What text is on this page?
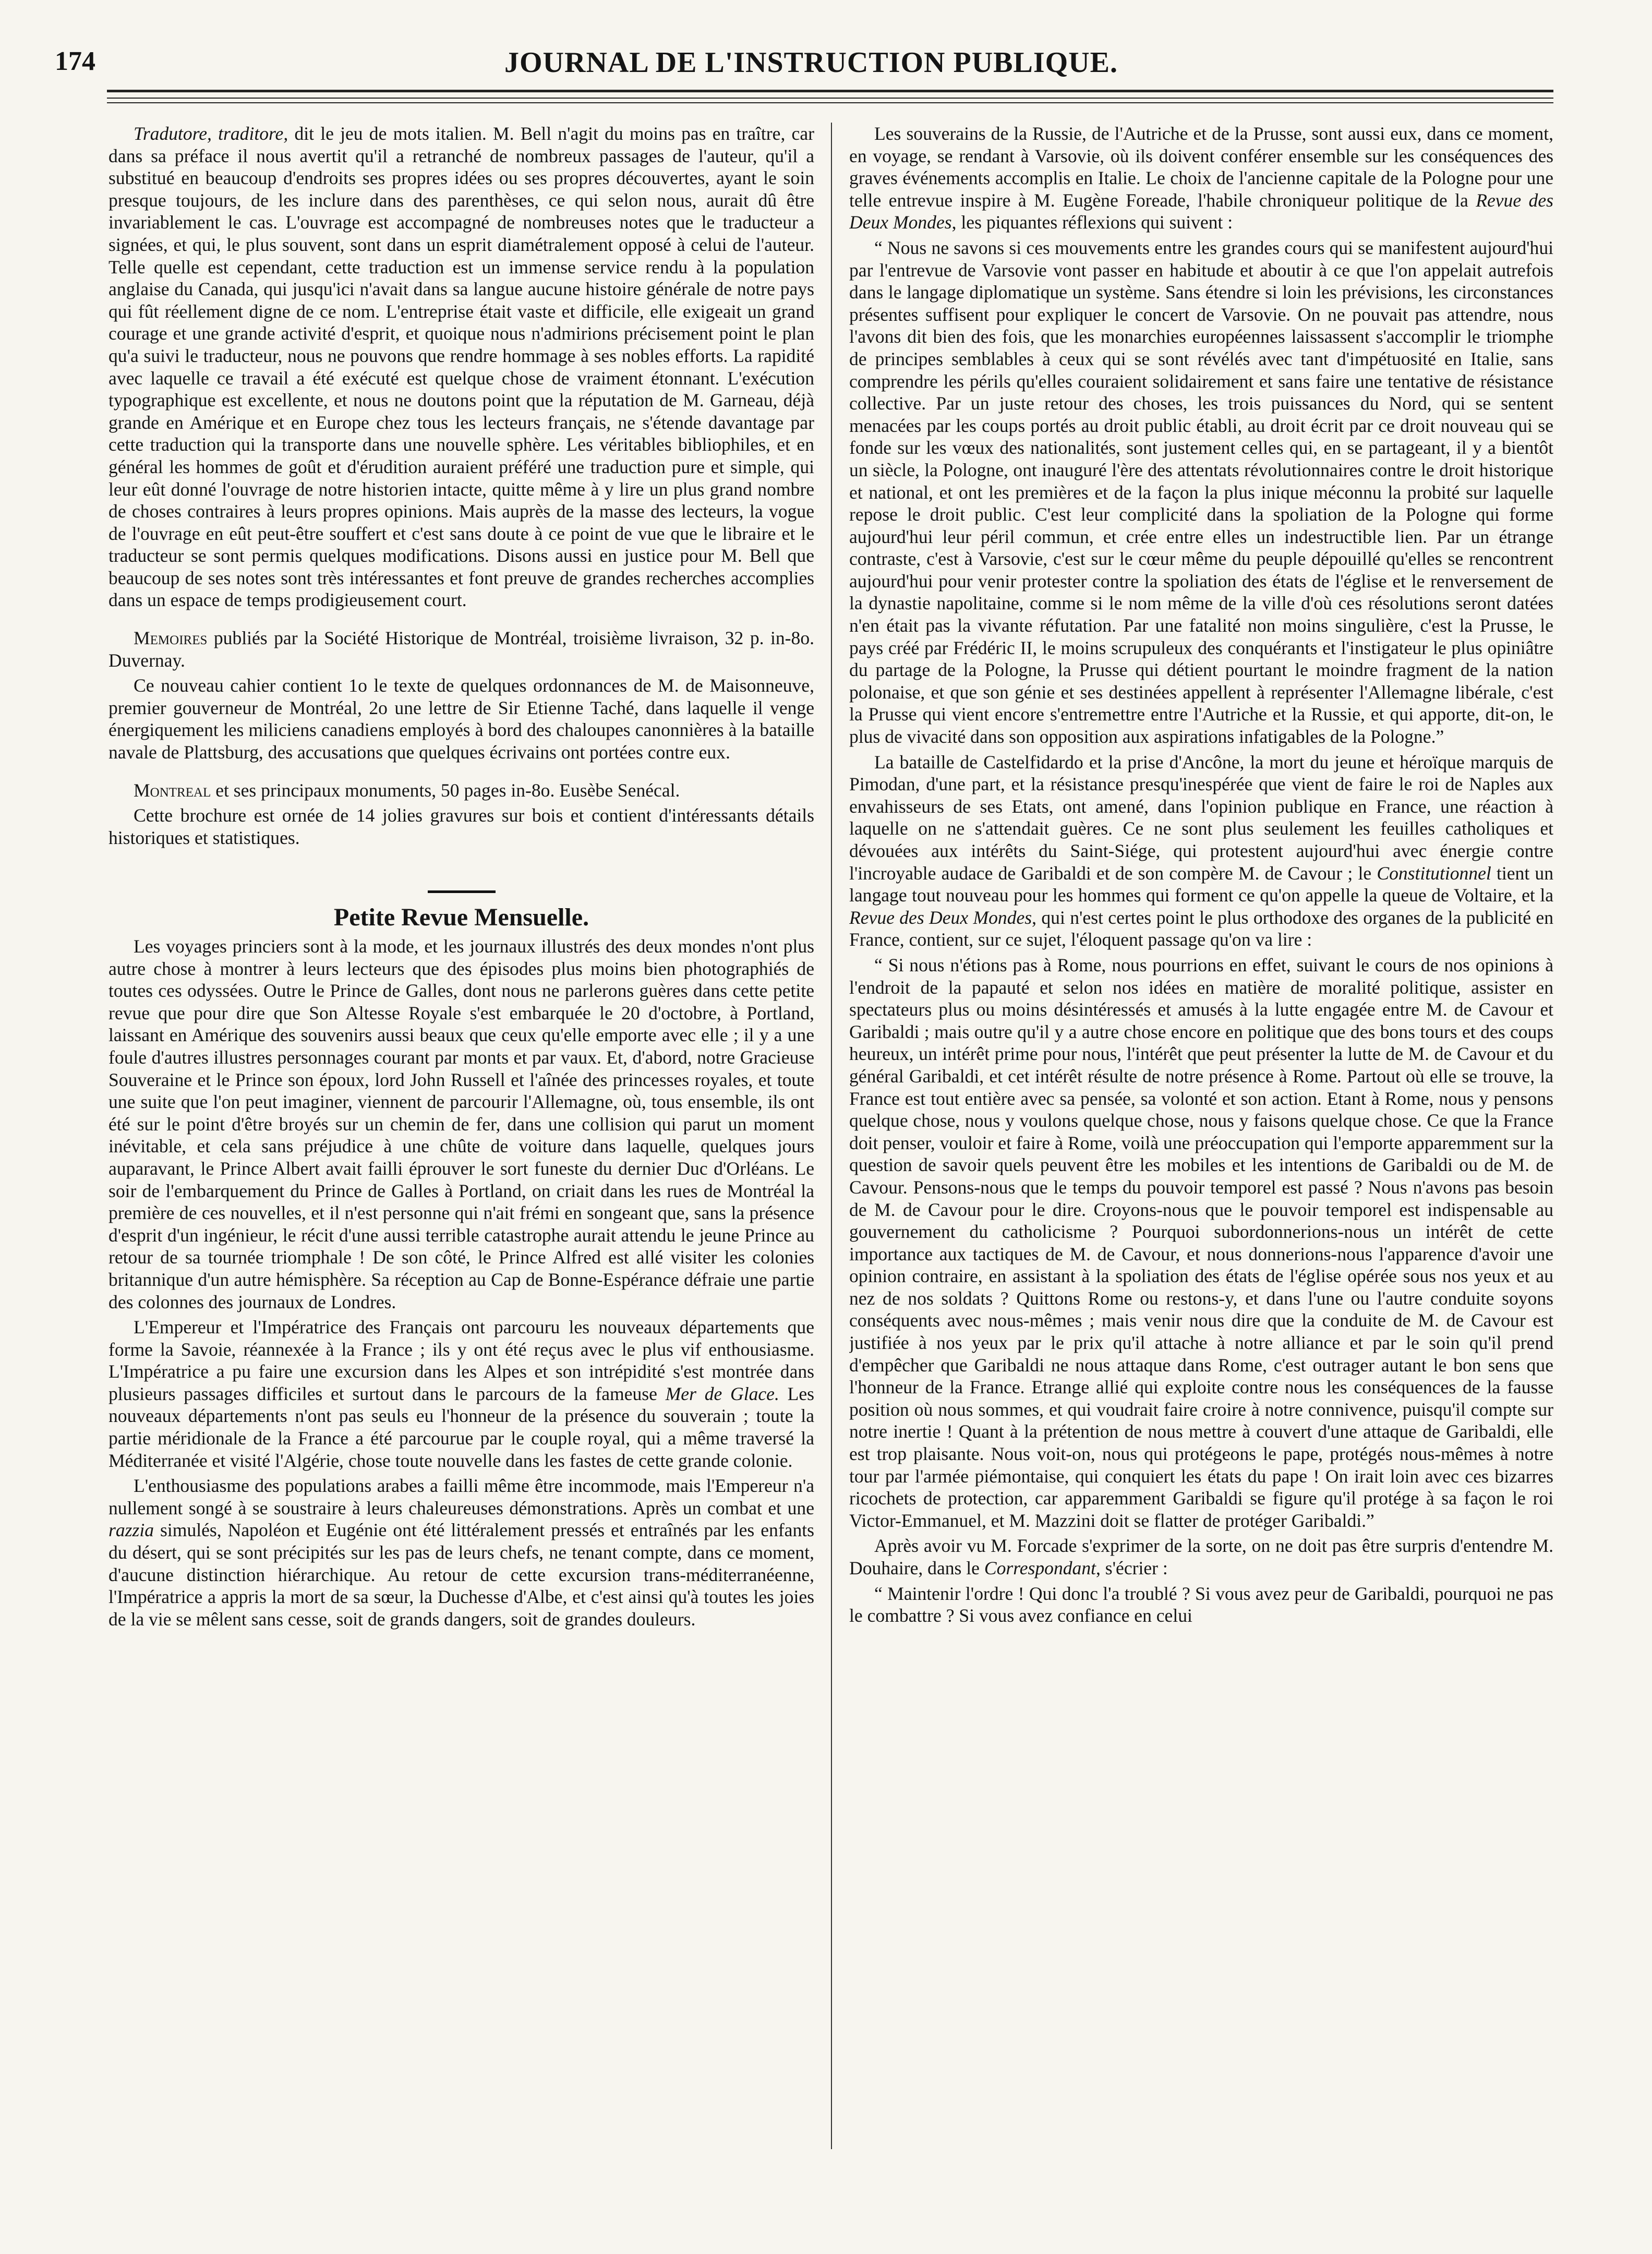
174	JOURNAL DE L'INSTRUCTION PUBLIQUE.

Tradutore, traditore, dit le jeu de mots italien. M. Bell n'agit du moins pas en traître, car dans sa préface il nous avertit qu'il a retranché de nombreux passages de l'auteur, qu'il a substitué en beaucoup d'endroits ses propres idées ou ses propres découvertes, ayant le soin presque toujours, de les inclure dans des parenthèses, ce qui selon nous, aurait dû être invariablement le cas. L'ouvrage est accompagné de nombreuses notes que le traducteur a signées, et qui, le plus souvent, sont dans un esprit diamétralement opposé à celui de l'auteur. Telle quelle est cependant, cette traduction est un immense service rendu à la population anglaise du Canada, qui jusqu'ici n'avait dans sa langue aucune histoire générale de notre pays qui fût réellement digne de ce nom. L'entreprise était vaste et difficile, elle exigeait un grand courage et une grande activité d'esprit, et quoique nous n'admirions précisement point le plan qu'a suivi le traducteur, nous ne pouvons que rendre hommage à ses nobles efforts. La rapidité avec laquelle ce travail a été exécuté est quelque chose de vraiment étonnant. L'exécution typographique est excellente, et nous ne doutons point que la réputation de M. Garneau, déjà grande en Amérique et en Europe chez tous les lecteurs français, ne s'étende davantage par cette traduction qui la transporte dans une nouvelle sphère. Les véritables bibliophiles, et en général les hommes de goût et d'érudition auraient préféré une traduction pure et simple, qui leur eût donné l'ouvrage de notre historien intacte, quitte même à y lire un plus grand nombre de choses contraires à leurs propres opinions. Mais auprès de la masse des lecteurs, la vogue de l'ouvrage en eût peut-être souffert et c'est sans doute à ce point de vue que le libraire et le traducteur se sont permis quelques modifications. Disons aussi en justice pour M. Bell que beaucoup de ses notes sont très intéressantes et font preuve de grandes recherches accomplies dans un espace de temps prodigieusement court.

Memoires publiés par la Société Historique de Montréal, troisième livraison, 32 p. in-8o. Duvernay.

Ce nouveau cahier contient 1o le texte de quelques ordonnances de M. de Maisonneuve, premier gouverneur de Montréal, 2o une lettre de Sir Etienne Taché, dans laquelle il venge énergiquement les miliciens canadiens employés à bord des chaloupes canonnières à la bataille navale de Plattsburg, des accusations que quelques écrivains ont portées contre eux.

Montreal et ses principaux monuments, 50 pages in-8o. Eusèbe Senécal.

Cette brochure est ornée de 14 jolies gravures sur bois et contient d'intéressants détails historiques et statistiques.

Petite Revue Mensuelle.

Les voyages princiers sont à la mode, et les journaux illustrés des deux mondes n'ont plus autre chose à montrer à leurs lecteurs que des épisodes plus moins bien photographiés de toutes ces odyssées. Outre le Prince de Galles, dont nous ne parlerons guères dans cette petite revue que pour dire que Son Altesse Royale s'est embarquée le 20 d'octobre, à Portland, laissant en Amérique des souvenirs aussi beaux que ceux qu'elle emporte avec elle ; il y a une foule d'autres illustres personnages courant par monts et par vaux. Et, d'abord, notre Gracieuse Souveraine et le Prince son époux, lord John Russell et l'aînée des princesses royales, et toute une suite que l'on peut imaginer, viennent de parcourir l'Allemagne, où, tous ensemble, ils ont été sur le point d'être broyés sur un chemin de fer, dans une collision qui parut un moment inévitable, et cela sans préjudice à une chûte de voiture dans laquelle, quelques jours auparavant, le Prince Albert avait failli éprouver le sort funeste du dernier Duc d'Orléans. Le soir de l'embarquement du Prince de Galles à Portland, on criait dans les rues de Montréal la première de ces nouvelles, et il n'est personne qui n'ait frémi en songeant que, sans la présence d'esprit d'un ingénieur, le récit d'une aussi terrible catastrophe aurait attendu le jeune Prince au retour de sa tournée triomphale ! De son côté, le Prince Alfred est allé visiter les colonies britannique d'un autre hémisphère. Sa réception au Cap de Bonne-Espérance défraie une partie des colonnes des journaux de Londres.

L'Empereur et l'Impératrice des Français ont parcouru les nouveaux départements que forme la Savoie, réannexée à la France ; ils y ont été reçus avec le plus vif enthousiasme. L'Impératrice a pu faire une excursion dans les Alpes et son intrépidité s'est montrée dans plusieurs passages difficiles et surtout dans le parcours de la fameuse Mer de Glace. Les nouveaux départements n'ont pas seuls eu l'honneur de la présence du souverain ; toute la partie méridionale de la France a été parcourue par le couple royal, qui a même traversé la Méditerranée et visité l'Algérie, chose toute nouvelle dans les fastes de cette grande colonie.

L'enthousiasme des populations arabes a failli même être incommode, mais l'Empereur n'a nullement songé à se soustraire à leurs chaleureuses démonstrations. Après un combat et une razzia simulés, Napoléon et Eugénie ont été littéralement pressés et entraînés par les enfants du désert, qui se sont précipités sur les pas de leurs chefs, ne tenant compte, dans ce moment, d'aucune distinction hiérarchique. Au retour de cette excursion trans-méditerranéenne, l'Impératrice a appris la mort de sa sœur, la Duchesse d'Albe, et c'est ainsi qu'à toutes les joies de la vie se mêlent sans cesse, soit de grands dangers, soit de grandes douleurs.

Les souverains de la Russie, de l'Autriche et de la Prusse, sont aussi eux, dans ce moment, en voyage, se rendant à Varsovie, où ils doivent conférer ensemble sur les conséquences des graves événements accomplis en Italie. Le choix de l'ancienne capitale de la Pologne pour une telle entrevue inspire à M. Eugène Foreade, l'habile chroniqueur politique de la Revue des Deux Mondes, les piquantes réflexions qui suivent :

“ Nous ne savons si ces mouvements entre les grandes cours qui se manifestent aujourd'hui par l'entrevue de Varsovie vont passer en habitude et aboutir à ce que l'on appelait autrefois dans le langage diplomatique un système. Sans étendre si loin les prévisions, les circonstances présentes suffisent pour expliquer le concert de Varsovie. On ne pouvait pas attendre, nous l'avons dit bien des fois, que les monarchies européennes laissassent s'accomplir le triomphe de principes semblables à ceux qui se sont révélés avec tant d'impétuosité en Italie, sans comprendre les périls qu'elles couraient solidairement et sans faire une tentative de résistance collective. Par un juste retour des choses, les trois puissances du Nord, qui se sentent menacées par les coups portés au droit public établi, au droit écrit par ce droit nouveau qui se fonde sur les vœux des nationalités, sont justement celles qui, en se partageant, il y a bientôt un siècle, la Pologne, ont inauguré l'ère des attentats révolutionnaires contre le droit historique et national, et ont les premières et de la façon la plus inique méconnu la probité sur laquelle repose le droit public. C'est leur complicité dans la spoliation de la Pologne qui forme aujourd'hui leur péril commun, et crée entre elles un indestructible lien. Par un étrange contraste, c'est à Varsovie, c'est sur le cœur même du peuple dépouillé qu'elles se rencontrent aujourd'hui pour venir protester contre la spoliation des états de l'église et le renversement de la dynastie napolitaine, comme si le nom même de la ville d'où ces résolutions seront datées n'en était pas la vivante réfutation. Par une fatalité non moins singulière, c'est la Prusse, le pays créé par Frédéric II, le moins scrupuleux des conquérants et l'instigateur le plus opiniâtre du partage de la Pologne, la Prusse qui détient pourtant le moindre fragment de la nation polonaise, et que son génie et ses destinées appellent à représenter l'Allemagne libérale, c'est la Prusse qui vient encore s'entremettre entre l'Autriche et la Russie, et qui apporte, dit-on, le plus de vivacité dans son opposition aux aspirations infatigables de la Pologne.”

La bataille de Castelfidardo et la prise d'Ancône, la mort du jeune et héroïque marquis de Pimodan, d'une part, et la résistance presqu'inespérée que vient de faire le roi de Naples aux envahisseurs de ses Etats, ont amené, dans l'opinion publique en France, une réaction à laquelle on ne s'attendait guères. Ce ne sont plus seulement les feuilles catholiques et dévouées aux intérêts du Saint-Siége, qui protestent aujourd'hui avec énergie contre l'incroyable audace de Garibaldi et de son compère M. de Cavour ; le Constitutionnel tient un langage tout nouveau pour les hommes qui forment ce qu'on appelle la queue de Voltaire, et la Revue des Deux Mondes, qui n'est certes point le plus orthodoxe des organes de la publicité en France, contient, sur ce sujet, l'éloquent passage qu'on va lire :

“ Si nous n'étions pas à Rome, nous pourrions en effet, suivant le cours de nos opinions à l'endroit de la papauté et selon nos idées en matière de moralité politique, assister en spectateurs plus ou moins désintéressés et amusés à la lutte engagée entre M. de Cavour et Garibaldi ; mais outre qu'il y a autre chose encore en politique que des bons tours et des coups heureux, un intérêt prime pour nous, l'intérêt que peut présenter la lutte de M. de Cavour et du général Garibaldi, et cet intérêt résulte de notre présence à Rome. Partout où elle se trouve, la France est tout entière avec sa pensée, sa volonté et son action. Etant à Rome, nous y pensons quelque chose, nous y voulons quelque chose, nous y faisons quelque chose. Ce que la France doit penser, vouloir et faire à Rome, voilà une préoccupation qui l'emporte apparemment sur la question de savoir quels peuvent être les mobiles et les intentions de Garibaldi ou de M. de Cavour. Pensons-nous que le temps du pouvoir temporel est passé ? Nous n'avons pas besoin de M. de Cavour pour le dire. Croyons-nous que le pouvoir temporel est indispensable au gouvernement du catholicisme ? Pourquoi subordonnerions-nous un intérêt de cette importance aux tactiques de M. de Cavour, et nous donnerions-nous l'apparence d'avoir une opinion contraire, en assistant à la spoliation des états de l'église opérée sous nos yeux et au nez de nos soldats ? Quittons Rome ou restons-y, et dans l'une ou l'autre conduite soyons conséquents avec nous-mêmes ; mais venir nous dire que la conduite de M. de Cavour est justifiée à nos yeux par le prix qu'il attache à notre alliance et par le soin qu'il prend d'empêcher que Garibaldi ne nous attaque dans Rome, c'est outrager autant le bon sens que l'honneur de la France. Etrange allié qui exploite contre nous les conséquences de la fausse position où nous sommes, et qui voudrait faire croire à notre connivence, puisqu'il compte sur notre inertie ! Quant à la prétention de nous mettre à couvert d'une attaque de Garibaldi, elle est trop plaisante. Nous voit-on, nous qui protégeons le pape, protégés nous-mêmes à notre tour par l'armée piémontaise, qui conquiert les états du pape ! On irait loin avec ces bizarres ricochets de protection, car apparemment Garibaldi se figure qu'il protége à sa façon le roi Victor-Emmanuel, et M. Mazzini doit se flatter de protéger Garibaldi.”

Après avoir vu M. Forcade s'exprimer de la sorte, on ne doit pas être surpris d'entendre M. Douhaire, dans le Correspondant, s'écrier :

“ Maintenir l'ordre ! Qui donc l'a troublé ? Si vous avez peur de Garibaldi, pourquoi ne pas le combattre ? Si vous avez confiance en celui
